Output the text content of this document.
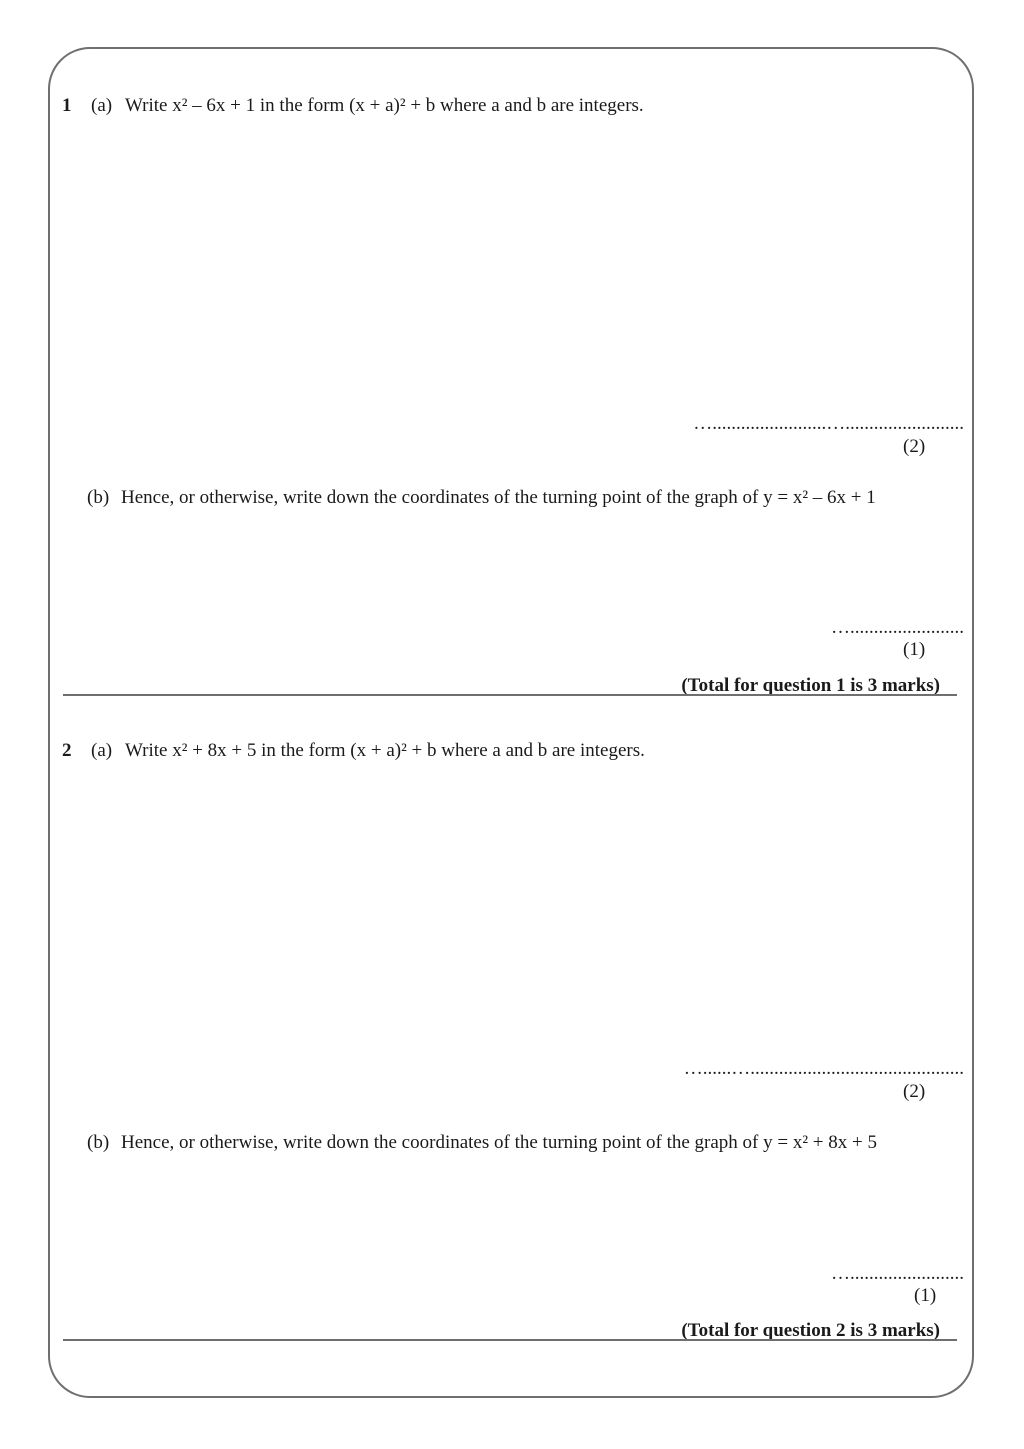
1 (a) Write x² – 6x + 1 in the form (x + a)² + b where a and b are integers.
…........................….........................
(2)
(b) Hence, or otherwise, write down the coordinates of the turning point of the graph of y = x² – 6x + 1
…........................
(1)
(Total for question 1 is 3 marks)
2 (a) Write x² + 8x + 5 in the form (x + a)² + b where a and b are integers.
…......….............................................
(2)
(b) Hence, or otherwise, write down the coordinates of the turning point of the graph of y = x² + 8x + 5
…........................
(1)
(Total for question 2 is 3 marks)
